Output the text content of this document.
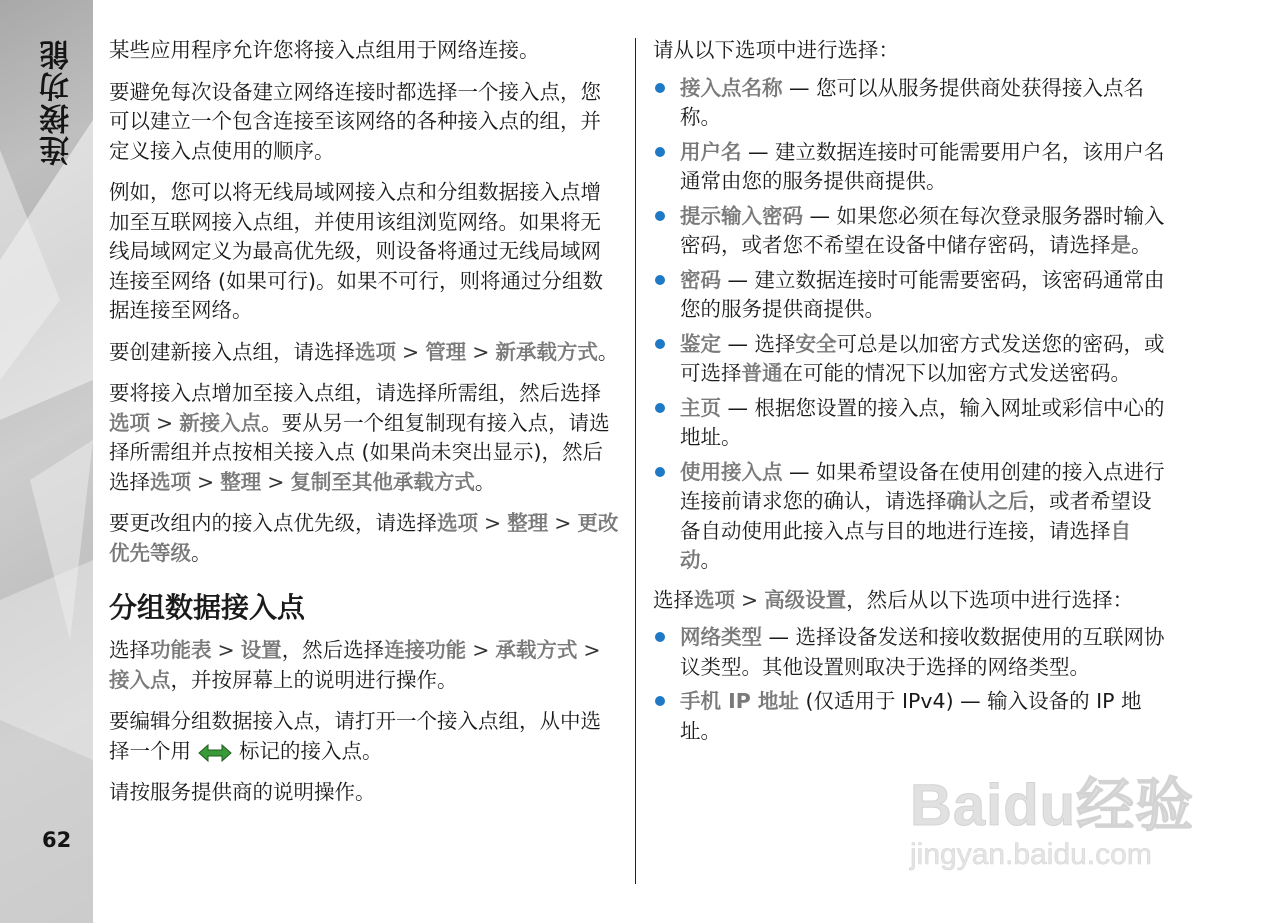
连接功能
62

某些应用程序允许您将接入点组用于网络连接。

要避免每次设备建立网络连接时都选择一个接入点，您可以建立一个包含连接至该网络的各种接入点的组，并定义接入点使用的顺序。

例如，您可以将无线局域网接入点和分组数据接入点增加至互联网接入点组，并使用该组浏览网络。如果将无线局域网定义为最高优先级，则设备将通过无线局域网连接至网络 (如果可行)。如果不可行，则将通过分组数据连接至网络。

要创建新接入点组，请选择选项 > 管理 > 新承载方式。

要将接入点增加至接入点组，请选择所需组，然后选择选项 > 新接入点。要从另一个组复制现有接入点，请选择所需组并点按相关接入点 (如果尚未突出显示)，然后选择选项 > 整理 > 复制至其他承载方式。

要更改组内的接入点优先级，请选择选项 > 整理 > 更改优先等级。

分组数据接入点

选择功能表 > 设置，然后选择连接功能 > 承载方式 >接入点，并按屏幕上的说明进行操作。

要编辑分组数据接入点，请打开一个接入点组，从中选择一个用 标记的接入点。

请按服务提供商的说明操作。

请从以下选项中进行选择：

接入点名称 — 您可以从服务提供商处获得接入点名称。
用户名 — 建立数据连接时可能需要用户名，该用户名通常由您的服务提供商提供。
提示输入密码 — 如果您必须在每次登录服务器时输入密码，或者您不希望在设备中储存密码，请选择是。
密码 — 建立数据连接时可能需要密码，该密码通常由您的服务提供商提供。
鉴定 — 选择安全可总是以加密方式发送您的密码，或可选择普通在可能的情况下以加密方式发送密码。
主页 — 根据您设置的接入点，输入网址或彩信中心的地址。
使用接入点 — 如果希望设备在使用创建的接入点进行连接前请求您的确认，请选择确认之后，或者希望设备自动使用此接入点与目的地进行连接，请选择自动。

选择选项 > 高级设置，然后从以下选项中进行选择：

网络类型 — 选择设备发送和接收数据使用的互联网协议类型。其他设置则取决于选择的网络类型。
手机 IP 地址 (仅适用于 IPv4) — 输入设备的 IP 地址。
Baidu经验
jingyan.baidu.com
